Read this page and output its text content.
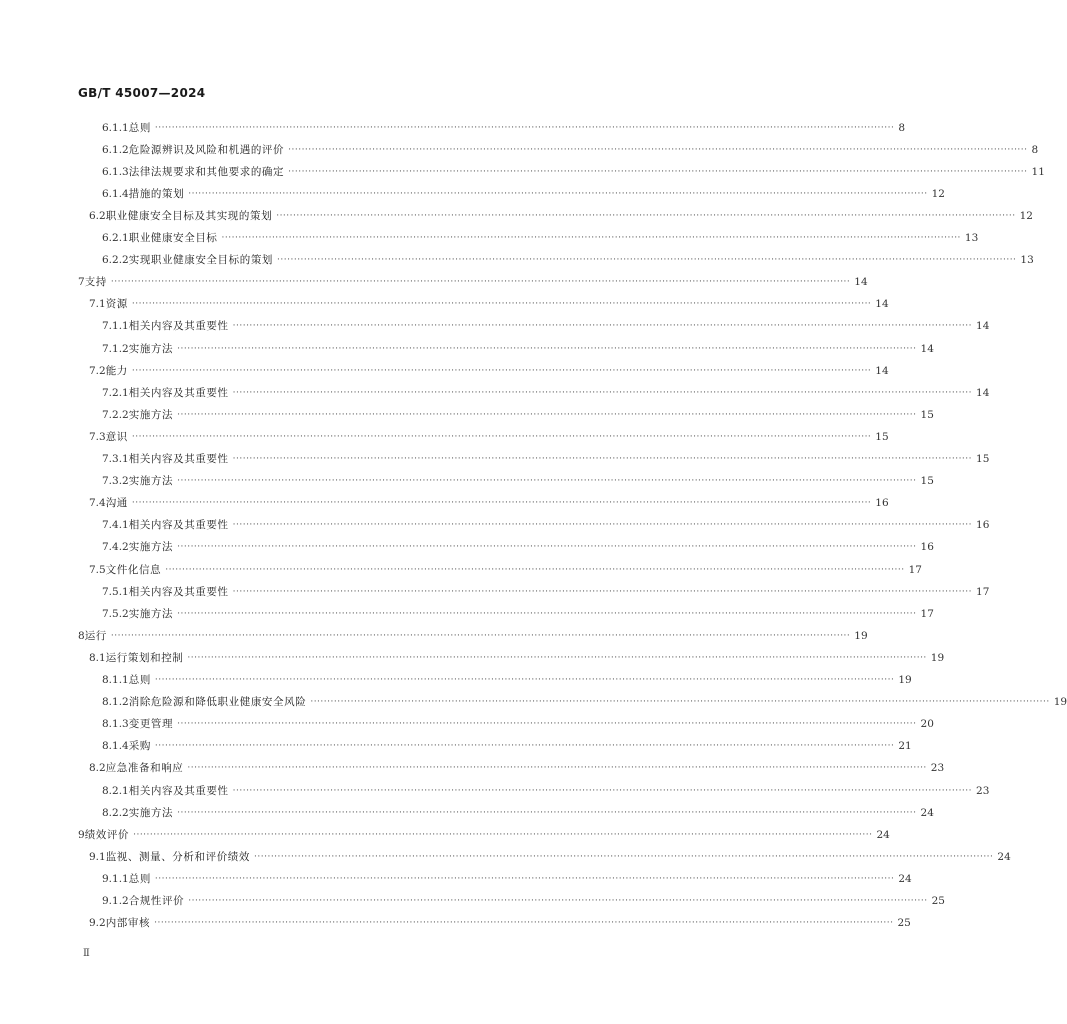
GB/T 45007—2024
6.1.1 总则 ···························································································································································································································· 8
6.1.2 危险源辨识及风险和机遇的评价 ···························································································································································································································· 8
6.1.3 法律法规要求和其他要求的确定 ···························································································································································································································· 11
6.1.4 措施的策划 ···························································································································································································································· 12
6.2 职业健康安全目标及其实现的策划 ···························································································································································································································· 12
6.2.1 职业健康安全目标 ···························································································································································································································· 13
6.2.2 实现职业健康安全目标的策划 ···························································································································································································································· 13
7 支持 ···························································································································································································································· 14
7.1 资源 ···························································································································································································································· 14
7.1.1 相关内容及其重要性 ···························································································································································································································· 14
7.1.2 实施方法 ···························································································································································································································· 14
7.2 能力 ···························································································································································································································· 14
7.2.1 相关内容及其重要性 ···························································································································································································································· 14
7.2.2 实施方法 ···························································································································································································································· 15
7.3 意识 ···························································································································································································································· 15
7.3.1 相关内容及其重要性 ···························································································································································································································· 15
7.3.2 实施方法 ···························································································································································································································· 15
7.4 沟通 ···························································································································································································································· 16
7.4.1 相关内容及其重要性 ···························································································································································································································· 16
7.4.2 实施方法 ···························································································································································································································· 16
7.5 文件化信息 ···························································································································································································································· 17
7.5.1 相关内容及其重要性 ···························································································································································································································· 17
7.5.2 实施方法 ···························································································································································································································· 17
8 运行 ···························································································································································································································· 19
8.1 运行策划和控制 ···························································································································································································································· 19
8.1.1 总则 ···························································································································································································································· 19
8.1.2 消除危险源和降低职业健康安全风险 ···························································································································································································································· 19
8.1.3 变更管理 ···························································································································································································································· 20
8.1.4 采购 ···························································································································································································································· 21
8.2 应急准备和响应 ···························································································································································································································· 23
8.2.1 相关内容及其重要性 ···························································································································································································································· 23
8.2.2 实施方法 ···························································································································································································································· 24
9 绩效评价 ···························································································································································································································· 24
9.1 监视、测量、分析和评价绩效 ···························································································································································································································· 24
9.1.1 总则 ···························································································································································································································· 24
9.1.2 合规性评价 ···························································································································································································································· 25
9.2 内部审核 ···························································································································································································································· 25
Ⅱ
